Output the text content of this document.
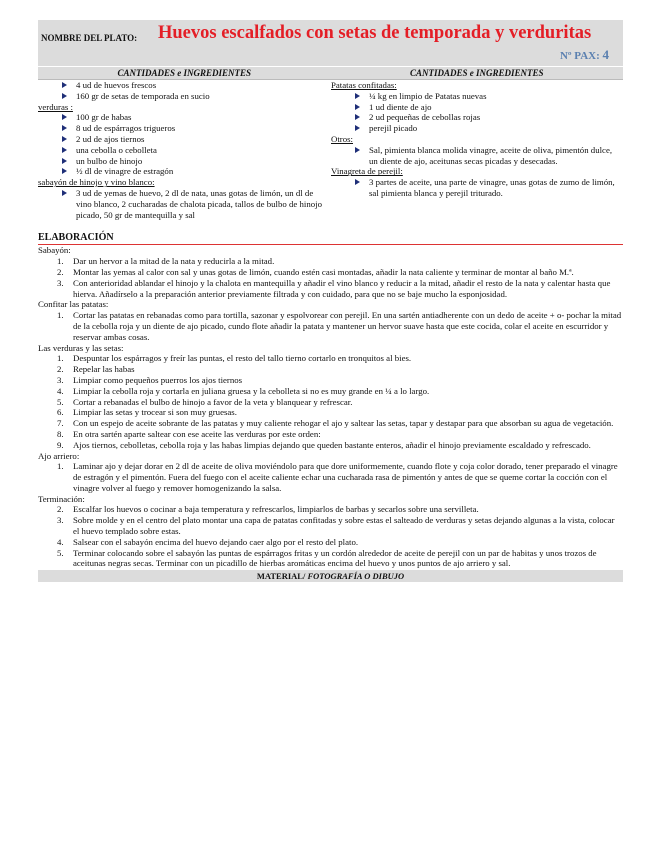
NOMBRE DEL PLATO: Huevos escalfados con setas de temporada y verduritas
Nº PAX: 4
CANTIDADES e INGREDIENTES	CANTIDADES e INGREDIENTES
4 ud de huevos frescos
160 gr de setas de temporada en sucio
verduras :
100 gr de habas
8 ud de espárragos trigueros
2 ud de ajos tiernos
una cebolla o cebolleta
un bulbo de hinojo
½ dl de vinagre de estragón
sabayón de hinojo y vino blanco:
3 ud de yemas de huevo, 2 dl de nata, unas gotas de limón, un dl de vino blanco, 2 cucharadas de chalota picada, tallos de bulbo de hinojo picado, 50 gr de mantequilla y sal
Patatas confitadas:
¼ kg en limpio de Patatas nuevas
1 ud diente de ajo
2 ud pequeñas de cebollas rojas
perejil picado
Otros:
Sal, pimienta blanca molida vinagre, aceite de oliva, pimentón dulce, un diente de ajo, aceitunas secas picadas y desecadas.
Vinagreta de perejil:
3 partes de aceite, una parte de vinagre, unas gotas de zumo de limón, sal pimienta blanca y perejil triturado.
ELABORACIÓN
Sabayón:
1. Dar un hervor a la mitad de la nata y reducirla a la mitad.
2. Montar las yemas al calor con sal y unas gotas de limón, cuando estén casi montadas, añadir la nata caliente y terminar de montar al baño M.ª.
3. Con anterioridad ablandar el hinojo y la chalota en mantequilla y añadir el vino blanco y reducir a la mitad, añadir el resto de la nata y calentar hasta que hierva. Añadírselo a la preparación anterior previamente filtrada y con cuidado, para que no se baje mucho la esponjosidad.
Confitar las patatas:
1. Cortar las patatas en rebanadas como para tortilla, sazonar y espolvorear con perejil. En una sartén antiadherente con un dedo de aceite + o- pochar la mitad de la cebolla roja y un diente de ajo picado, cundo flote añadir la patata y mantener un hervor suave hasta que este cocida, colar el aceite en escurridor y reservar ambas cosas.
Las verduras y las setas:
1. Despuntar los espárragos y freír las puntas, el resto del tallo tierno cortarlo en tronquitos al bies.
2. Repelar las habas
3. Limpiar como pequeños puerros los ajos tiernos
4. Limpiar la cebolla roja y cortarla en juliana gruesa y la cebolleta si no es muy grande en ¼ a lo largo.
5. Cortar a rebanadas el bulbo de hinojo a favor de la veta y blanquear y refrescar.
6. Limpiar las setas y trocear si son muy gruesas.
7. Con un espejo de aceite sobrante de las patatas y muy caliente rehogar el ajo y saltear las setas, tapar y destapar para que absorban su agua de vegetación.
8. En otra sartén aparte saltear con ese aceite las verduras por este orden:
9. Ajos tiernos, cebolletas, cebolla roja y las habas limpias dejando que queden bastante enteros, añadir el hinojo previamente escaldado y refrescado.
Ajo arriero:
1. Laminar ajo y dejar dorar en 2 dl de aceite de oliva moviéndolo para que dore uniformemente, cuando flote y coja color dorado, tener preparado el vinagre de estragón y el pimentón. Fuera del fuego con el aceite caliente echar una cucharada rasa de pimentón y antes de que se queme cortar la cocción con el vinagre volver al fuego y remover homogenizando la salsa.
Terminación:
2. Escalfar los huevos o cocinar a baja temperatura y refrescarlos, limpiarlos de barbas y secarlos sobre una servilleta.
3. Sobre molde y en el centro del plato montar una capa de patatas confitadas y sobre estas el salteado de verduras y setas dejando algunas a la vista, colocar el huevo templado sobre estas.
4. Salsear con el sabayón encima del huevo dejando caer algo por el resto del plato.
5. Terminar colocando sobre el sabayón las puntas de espárragos fritas y un cordón alrededor de aceite de perejil con un par de habitas y unos trozos de aceitunas negras secas. Terminar con un picadillo de hierbas aromáticas encima del huevo y unos puntos de ajo arriero y sal.
MATERIAL/ FOTOGRAFÍA O DIBUJO
